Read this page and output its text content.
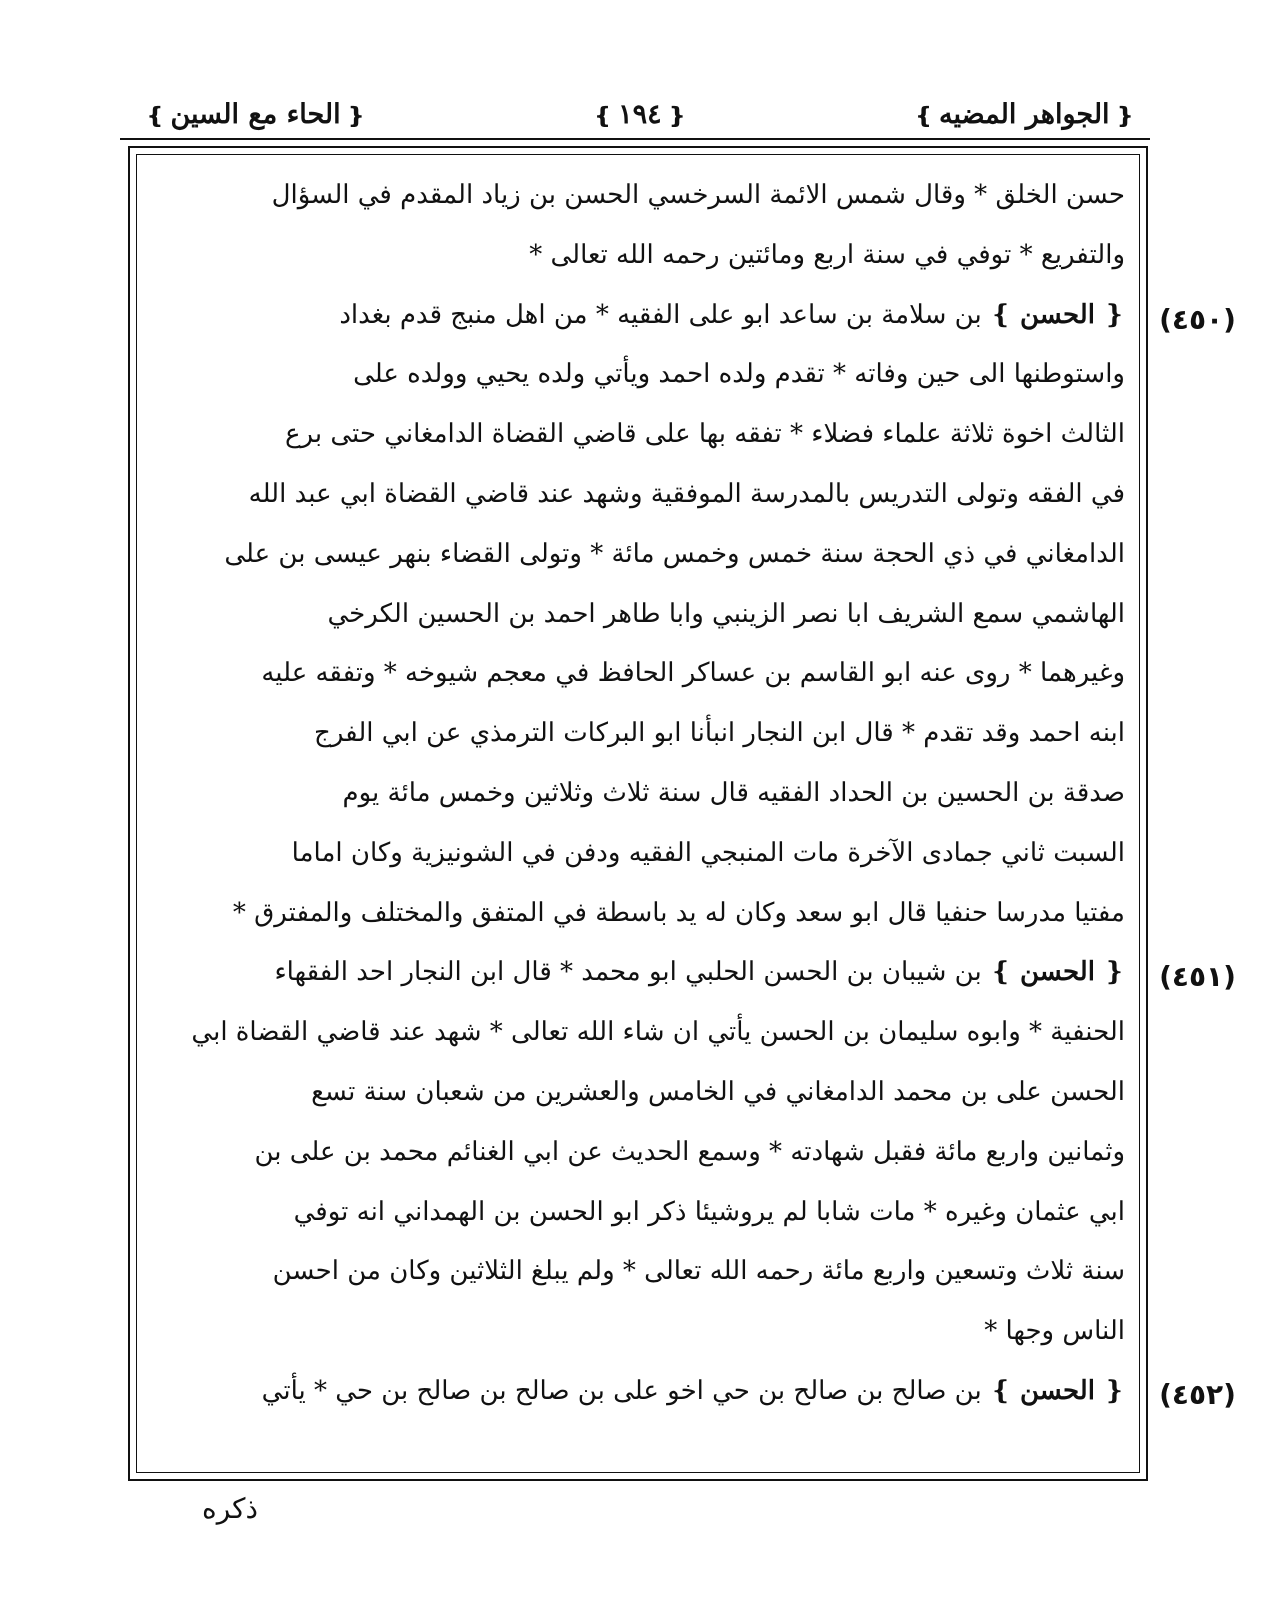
❴الجواهر المضيه❵
❴١٩٤❵
❴الحاء مع السين❵
حسن الخلق * وقال شمس الائمة السرخسي الحسن بن زياد المقدم في السؤال
والتفريع * توفي في سنة اربع ومائتين رحمه الله تعالى *
❴ الحسن ❵ بن سلامة بن ساعد ابو على الفقيه * من اهل منبج قدم بغداد
واستوطنها الى حين وفاته * تقدم ولده احمد ويأتي ولده يحيي وولده على
الثالث اخوة ثلاثة علماء فضلاء * تفقه بها على قاضي القضاة الدامغاني حتى برع
في الفقه وتولى التدريس بالمدرسة الموفقية وشهد عند قاضي القضاة ابي عبد الله
الدامغاني في ذي الحجة سنة خمس وخمس مائة * وتولى القضاء بنهر عيسى بن على
الهاشمي سمع الشريف ابا نصر الزينبي وابا طاهر احمد بن الحسين الكرخي
وغيرهما * روى عنه ابو القاسم بن عساكر الحافظ في معجم شيوخه * وتفقه عليه
ابنه احمد وقد تقدم * قال ابن النجار انبأنا ابو البركات الترمذي عن ابي الفرج
صدقة بن الحسين بن الحداد الفقيه قال سنة ثلاث وثلاثين وخمس مائة يوم
السبت ثاني جمادى الآخرة مات المنبجي الفقيه ودفن في الشونيزية وكان اماما
مفتيا مدرسا حنفيا قال ابو سعد وكان له يد باسطة في المتفق والمختلف والمفترق *
❴ الحسن ❵ بن شيبان بن الحسن الحلبي ابو محمد * قال ابن النجار احد الفقهاء
الحنفية * وابوه سليمان بن الحسن يأتي ان شاء الله تعالى * شهد عند قاضي القضاة ابي
الحسن على بن محمد الدامغاني في الخامس والعشرين من شعبان سنة تسع
وثمانين واربع مائة فقبل شهادته * وسمع الحديث عن ابي الغنائم محمد بن على بن
ابي عثمان وغيره * مات شابا لم يروشيئا ذكر ابو الحسن بن الهمداني انه توفي
سنة ثلاث وتسعين واربع مائة رحمه الله تعالى * ولم يبلغ الثلاثين وكان من احسن
الناس وجها *
❴ الحسن ❵ بن صالح بن صالح بن حي اخو على بن صالح بن صالح بن حي * يأتي
(٤٥٠)
(٤٥١)
(٤٥٢)
ذكره
